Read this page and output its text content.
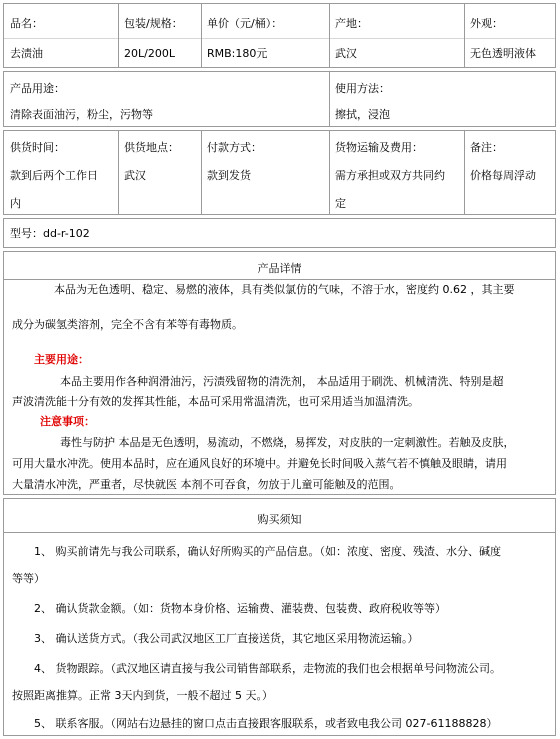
品名：
去渍油
包装/规格：
20L/200L
单价（元/桶）：
RMB:180元
产地：
武汉
外观：
无色透明液体
产品用途：
清除表面油污，粉尘，污物等
使用方法：
擦拭，浸泡
供货时间：
款到后两个工作日
内
供货地点：
武汉
付款方式：
款到发货
货物运输及费用：
需方承担或双方共同约
定
备注：
价格每周浮动
型号：dd-r-102
产品详情
本品为无色透明、稳定、易燃的液体，具有类似氯仿的气味，不溶于水，密度约 0.62 ，其主要
成分为碳氢类溶剂，完全不含有苯等有毒物质。
主要用途：
本品主要用作各种润滑油污，污渍残留物的清洗剂， 本品适用于刷洗、机械清洗、特别是超
声波清洗能十分有效的发挥其性能，本品可采用常温清洗，也可采用适当加温清洗。
注意事项：
毒性与防护 本品是无色透明，易流动，不燃烧，易挥发，对皮肤的一定刺激性。若触及皮肤，
可用大量水冲洗。使用本品时，应在通风良好的环境中。并避免长时间吸入蒸气若不慎触及眼睛，请用
大量清水冲洗，严重者，尽快就医 本剂不可吞食，勿放于儿童可能触及的范围。
购买须知
1、 购买前请先与我公司联系，确认好所购买的产品信息。（如：浓度、密度、残渣、水分、碱度
等等）
2、 确认货款金额。（如：货物本身价格、运输费、灌装费、包装费、政府税收等等）
3、 确认送货方式。（我公司武汉地区工厂直接送货，其它地区采用物流运输。）
4、 货物跟踪。（武汉地区请直接与我公司销售部联系，走物流的我们也会根据单号问物流公司。
按照距离推算。正常 3天内到货，一般不超过 5 天。）
5、 联系客服。（网站右边悬挂的窗口点击直接跟客服联系，或者致电我公司 027-61188828）
